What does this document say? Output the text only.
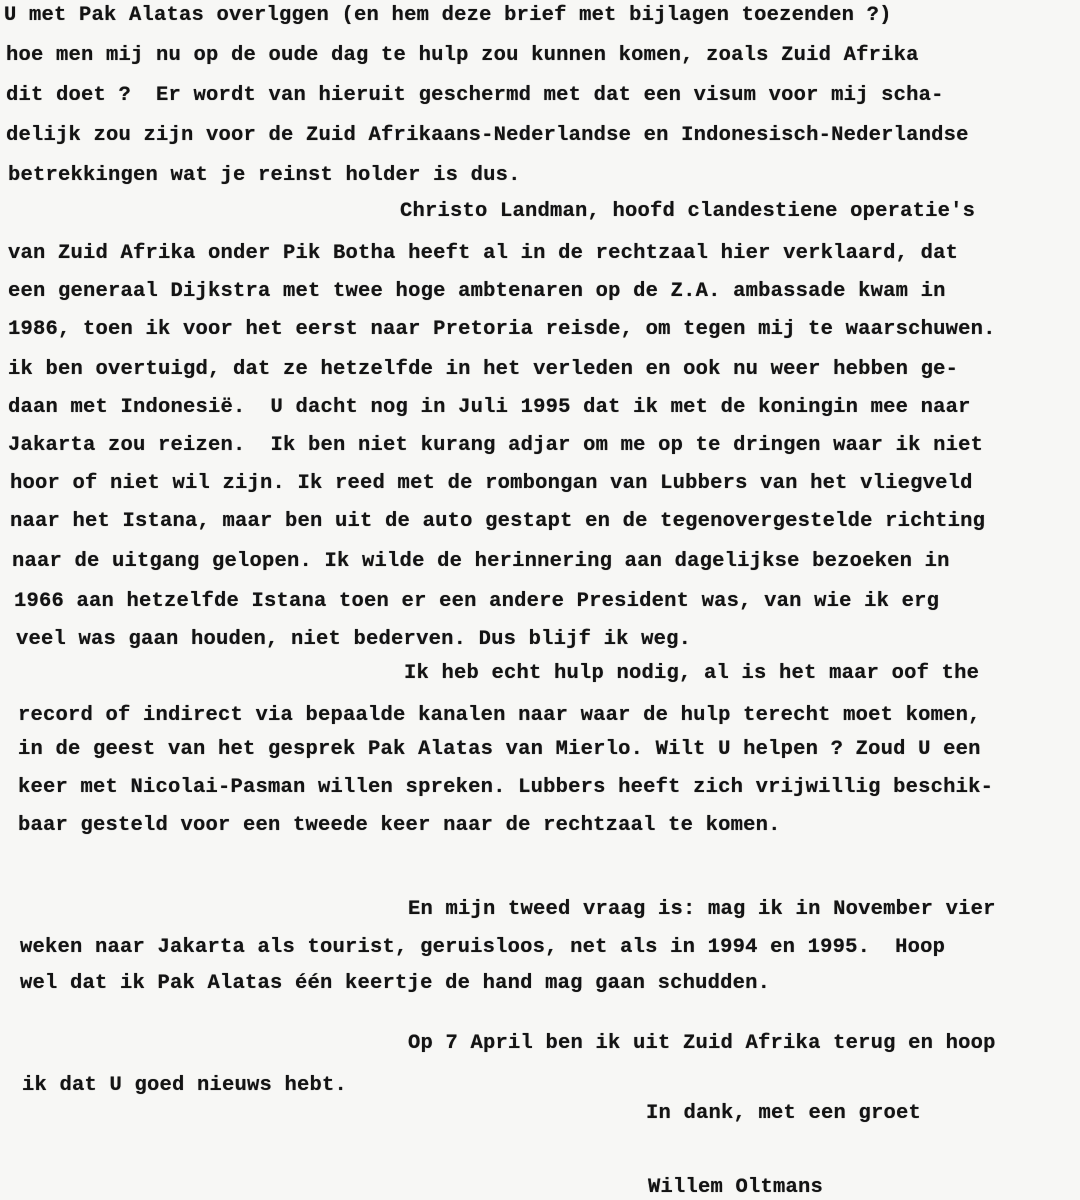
U met Pak Alatas overlggen (en hem deze brief met bijlagen toezenden ?)
hoe men mij nu op de oude dag te hulp zou kunnen komen, zoals Zuid Afrika
dit doet ?  Er wordt van hieruit geschermd met dat een visum voor mij scha-
delijk zou zijn voor de Zuid Afrikaans-Nederlandse en Indonesisch-Nederlandse
betrekkingen wat je reinst holder is dus.
Christo Landman, hoofd clandestiene operatie's
van Zuid Afrika onder Pik Botha heeft al in de rechtzaal hier verklaard, dat
een generaal Dijkstra met twee hoge ambtenaren op de Z.A. ambassade kwam in
1986, toen ik voor het eerst naar Pretoria reisde, om tegen mij te waarschuwen.
ik ben overtuigd, dat ze hetzelfde in het verleden en ook nu weer hebben ge-
daan met Indonesië.  U dacht nog in Juli 1995 dat ik met de koningin mee naar
Jakarta zou reizen.  Ik ben niet kurang adjar om me op te dringen waar ik niet
hoor of niet wil zijn. Ik reed met de rombongan van Lubbers van het vliegveld
naar het Istana, maar ben uit de auto gestapt en de tegenovergestelde richting
naar de uitgang gelopen. Ik wilde de herinnering aan dagelijkse bezoeken in
1966 aan hetzelfde Istana toen er een andere President was, van wie ik erg
veel was gaan houden, niet bederven. Dus blijf ik weg.
Ik heb echt hulp nodig, al is het maar oof the
record of indirect via bepaalde kanalen naar waar de hulp terecht moet komen,
in de geest van het gesprek Pak Alatas van Mierlo. Wilt U helpen ? Zoud U een
keer met Nicolai-Pasman willen spreken. Lubbers heeft zich vrijwillig beschik-
baar gesteld voor een tweede keer naar de rechtzaal te komen.
En mijn tweed vraag is: mag ik in November vier
weken naar Jakarta als tourist, geruisloos, net als in 1994 en 1995.  Hoop
wel dat ik Pak Alatas één keertje de hand mag gaan schudden.
Op 7 April ben ik uit Zuid Afrika terug en hoop
ik dat U goed nieuws hebt.
In dank, met een groet
Willem Oltmans
